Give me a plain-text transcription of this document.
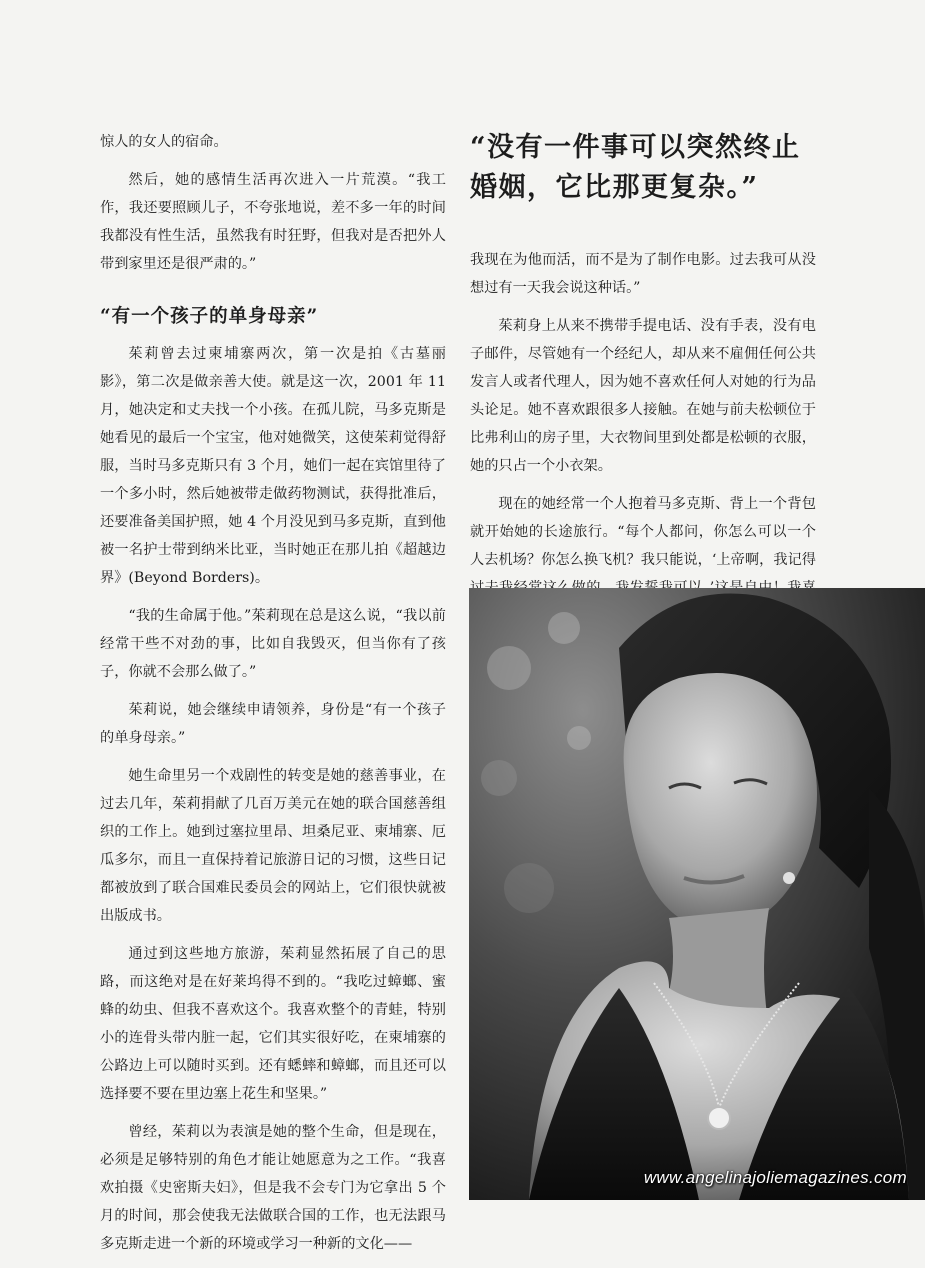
惊人的女人的宿命。

然后，她的感情生活再次进入一片荒漠。“我工作，我还要照顾儿子，不夸张地说，差不多一年的时间我都没有性生活，虽然我有时狂野，但我对是否把外人带到家里还是很严肃的。”

“有一个孩子的单身母亲”

茱莉曾去过柬埔寨两次，第一次是拍《古墓丽影》，第二次是做亲善大使。就是这一次，2001 年 11 月，她决定和丈夫找一个小孩。在孤儿院，马多克斯是她看见的最后一个宝宝，他对她微笑，这使茱莉觉得舒服，当时马多克斯只有 3 个月，她们一起在宾馆里待了一个多小时，然后她被带走做药物测试，获得批准后，还要准备美国护照，她 4 个月没见到马多克斯，直到他被一名护士带到纳米比亚，当时她正在那儿拍《超越边界》(Beyond Borders)。

“我的生命属于他。”茱莉现在总是这么说，“我以前经常干些不对劲的事，比如自我毁灭，但当你有了孩子，你就不会那么做了。”

茱莉说，她会继续申请领养，身份是“有一个孩子的单身母亲。”

她生命里另一个戏剧性的转变是她的慈善事业，在过去几年，茱莉捐献了几百万美元在她的联合国慈善组织的工作上。她到过塞拉里昂、坦桑尼亚、柬埔寨、厄瓜多尔，而且一直保持着记旅游日记的习惯，这些日记都被放到了联合国难民委员会的网站上，它们很快就被出版成书。

通过到这些地方旅游，茱莉显然拓展了自己的思路，而这绝对是在好莱坞得不到的。“我吃过蟑螂、蜜蜂的幼虫、但我不喜欢这个。我喜欢整个的青蛙，特别小的连骨头带内脏一起，它们其实很好吃，在柬埔寨的公路边上可以随时买到。还有蟋蟀和蟑螂，而且还可以选择要不要在里边塞上花生和坚果。”

曾经，茱莉以为表演是她的整个生命，但是现在，必须是足够特别的角色才能让她愿意为之工作。“我喜欢拍摄《史密斯夫妇》，但是我不会专门为它拿出 5 个月的时间，那会使我无法做联合国的工作，也无法跟马多克斯走进一个新的环境或学习一种新的文化——

“没有一件事可以突然终止婚姻，它比那更复杂。”

我现在为他而活，而不是为了制作电影。过去我可从没想过有一天我会说这种话。”

茱莉身上从来不携带手提电话、没有手表，没有电子邮件，尽管她有一个经纪人，却从来不雇佣任何公共发言人或者代理人，因为她不喜欢任何人对她的行为品头论足。她不喜欢跟很多人接触。在她与前夫松顿位于比弗利山的房子里，大衣物间里到处都是松顿的衣服，她的只占一个小衣架。

现在的她经常一个人抱着马多克斯、背上一个背包就开始她的长途旅行。“每个人都问，你怎么可以一个人去机场？你怎么换飞机？我只能说，‘上帝啊，我记得

www.angelinajoliemagazines.com
